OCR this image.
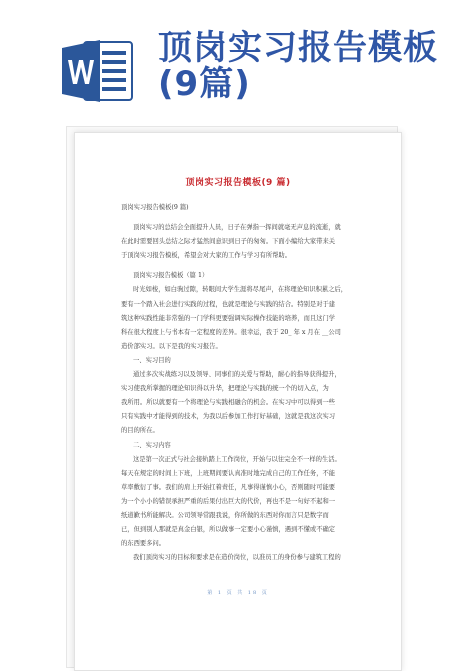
顶岗实习报告模板
(9篇)
顶岗实习报告模板(9 篇)
顶岗实习报告模板(9 篇)
顶岗实习的总结会全面提升人员，日子在弹指一挥间就毫无声息的流逝，就
在此时需要回头总结之际才猛然间意识到日子的匆匆。下面小编给大家带来关
于顶岗实习报告模板，希望会对大家的工作与学习有所帮助。
顶岗实习报告模板（篇 1）
时光如梭，如白驹过隙，转眼间大学生涯将尽尾声，在将理论知识积累之后，
要有一个踏入社会进行实践的过程，也就是理论与实践的结合。特别是对于建
筑这种实践性能非常强的一门学科更要强调实际操作技能的培养，而且这门学
科在很大程度上与书本有一定程度的差异。很幸运，我于 20_ 年 x 月在 __公司
造价部实习。以下是我的实习报告。
一、实习目的
通过多次实战练习以及领导、同事们的关爱与帮助，耐心的指导获得提升，
实习使我所掌握的理论知识得以升华，把理论与实践的统一个的切入点，为
我所用。所以就要有一个将理论与实践相融合的机会。在实习中可以得到一些
只有实践中才能得到的技术，为我以后参加工作打好基础，这就是我这次实习
的目的所在。
二、实习内容
这是第一次正式与社会接轨踏上工作岗位，开始与以往完全不一样的生活。
每天在规定的时间上下班，上班期间要认真准时地完成自己的工作任务，不能
草率敷衍了事。我们的肩上开始扛着责任，凡事得谨慎小心，否则随时可能要
为一个小小的错误承担严重的后果付出巨大的代价，再也不是一句好不起和一
纸道歉书所能解决。公司领导常跟我说，你所做的东西对你而言只是数字而
已，但到别人那就是真金白银，所以做事一定要小心谨慎，遇到不懂或不确定
的东西要多问。
我们顶岗实习的目标和要求是在造价岗位，以准员工的身份参与建筑工程的
第 1 页 共 18 页
